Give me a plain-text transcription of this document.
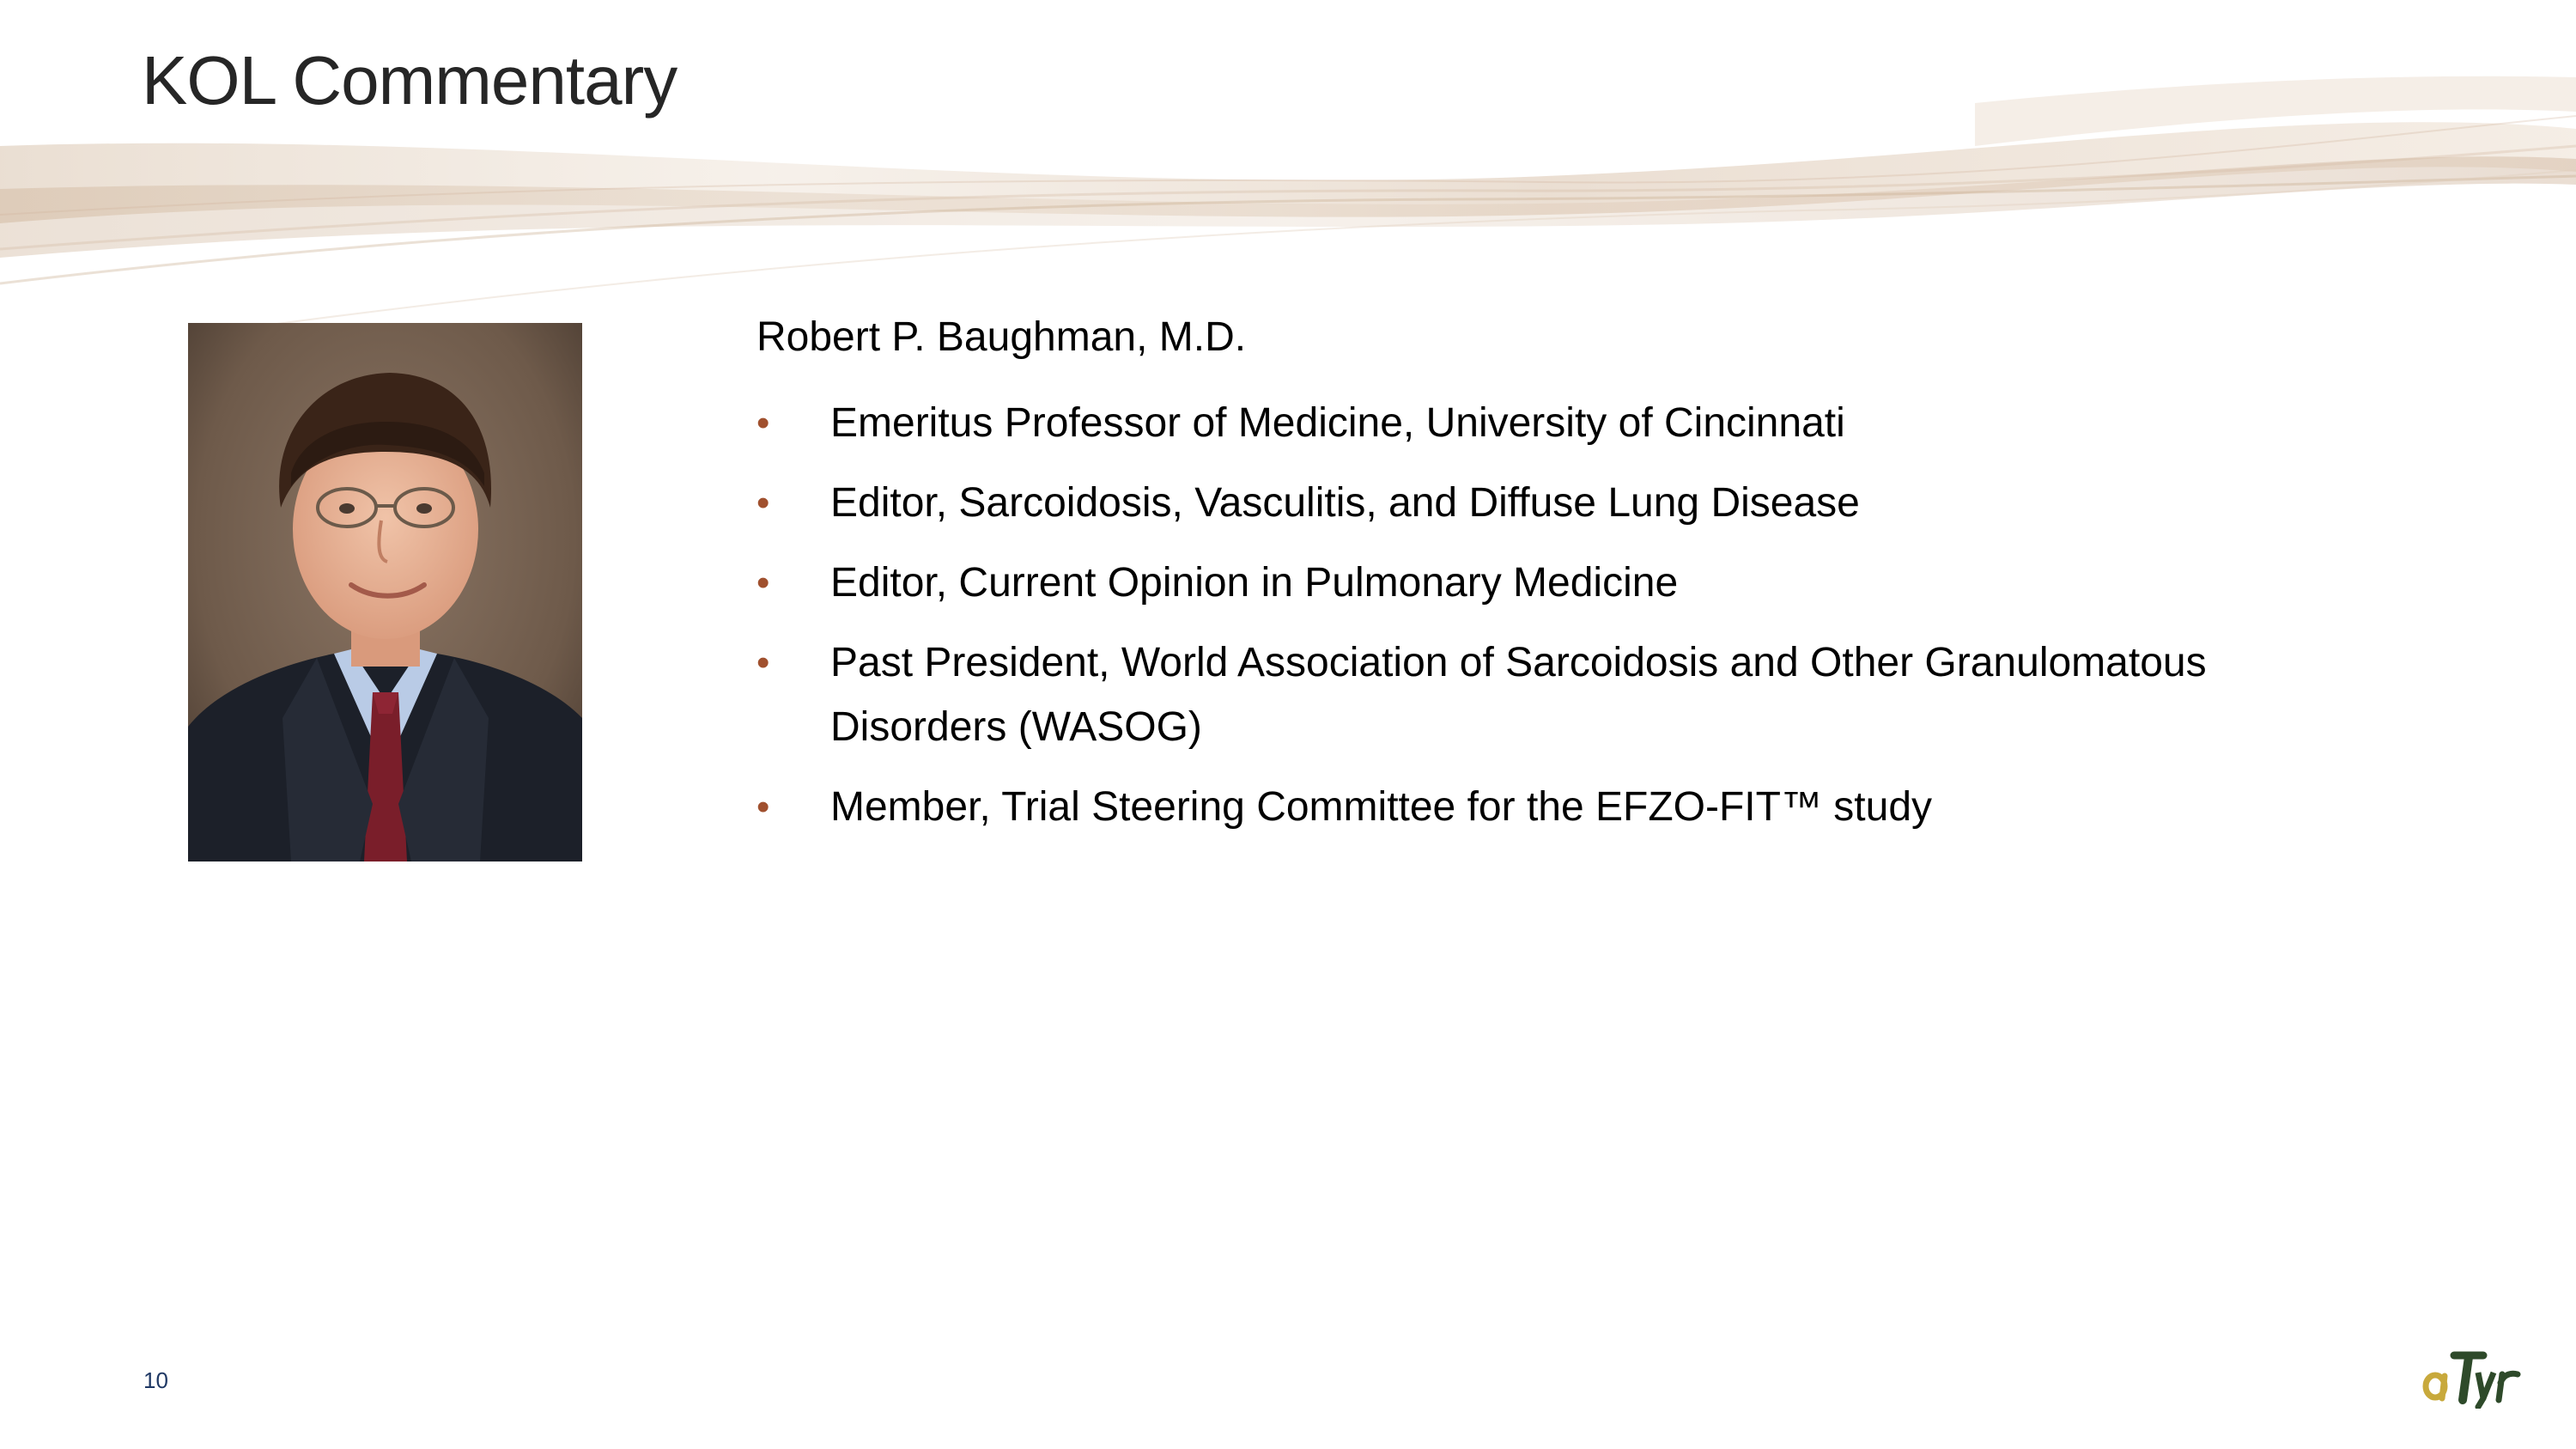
KOL Commentary
Robert P. Baughman, M.D.
• Emeritus Professor of Medicine, University of Cincinnati
• Editor, Sarcoidosis, Vasculitis, and Diffuse Lung Disease
• Editor, Current Opinion in Pulmonary Medicine
• Past President, World Association of Sarcoidosis and Other Granulomatous Disorders (WASOG)
• Member, Trial Steering Committee for the EFZO-FIT™ study
10
